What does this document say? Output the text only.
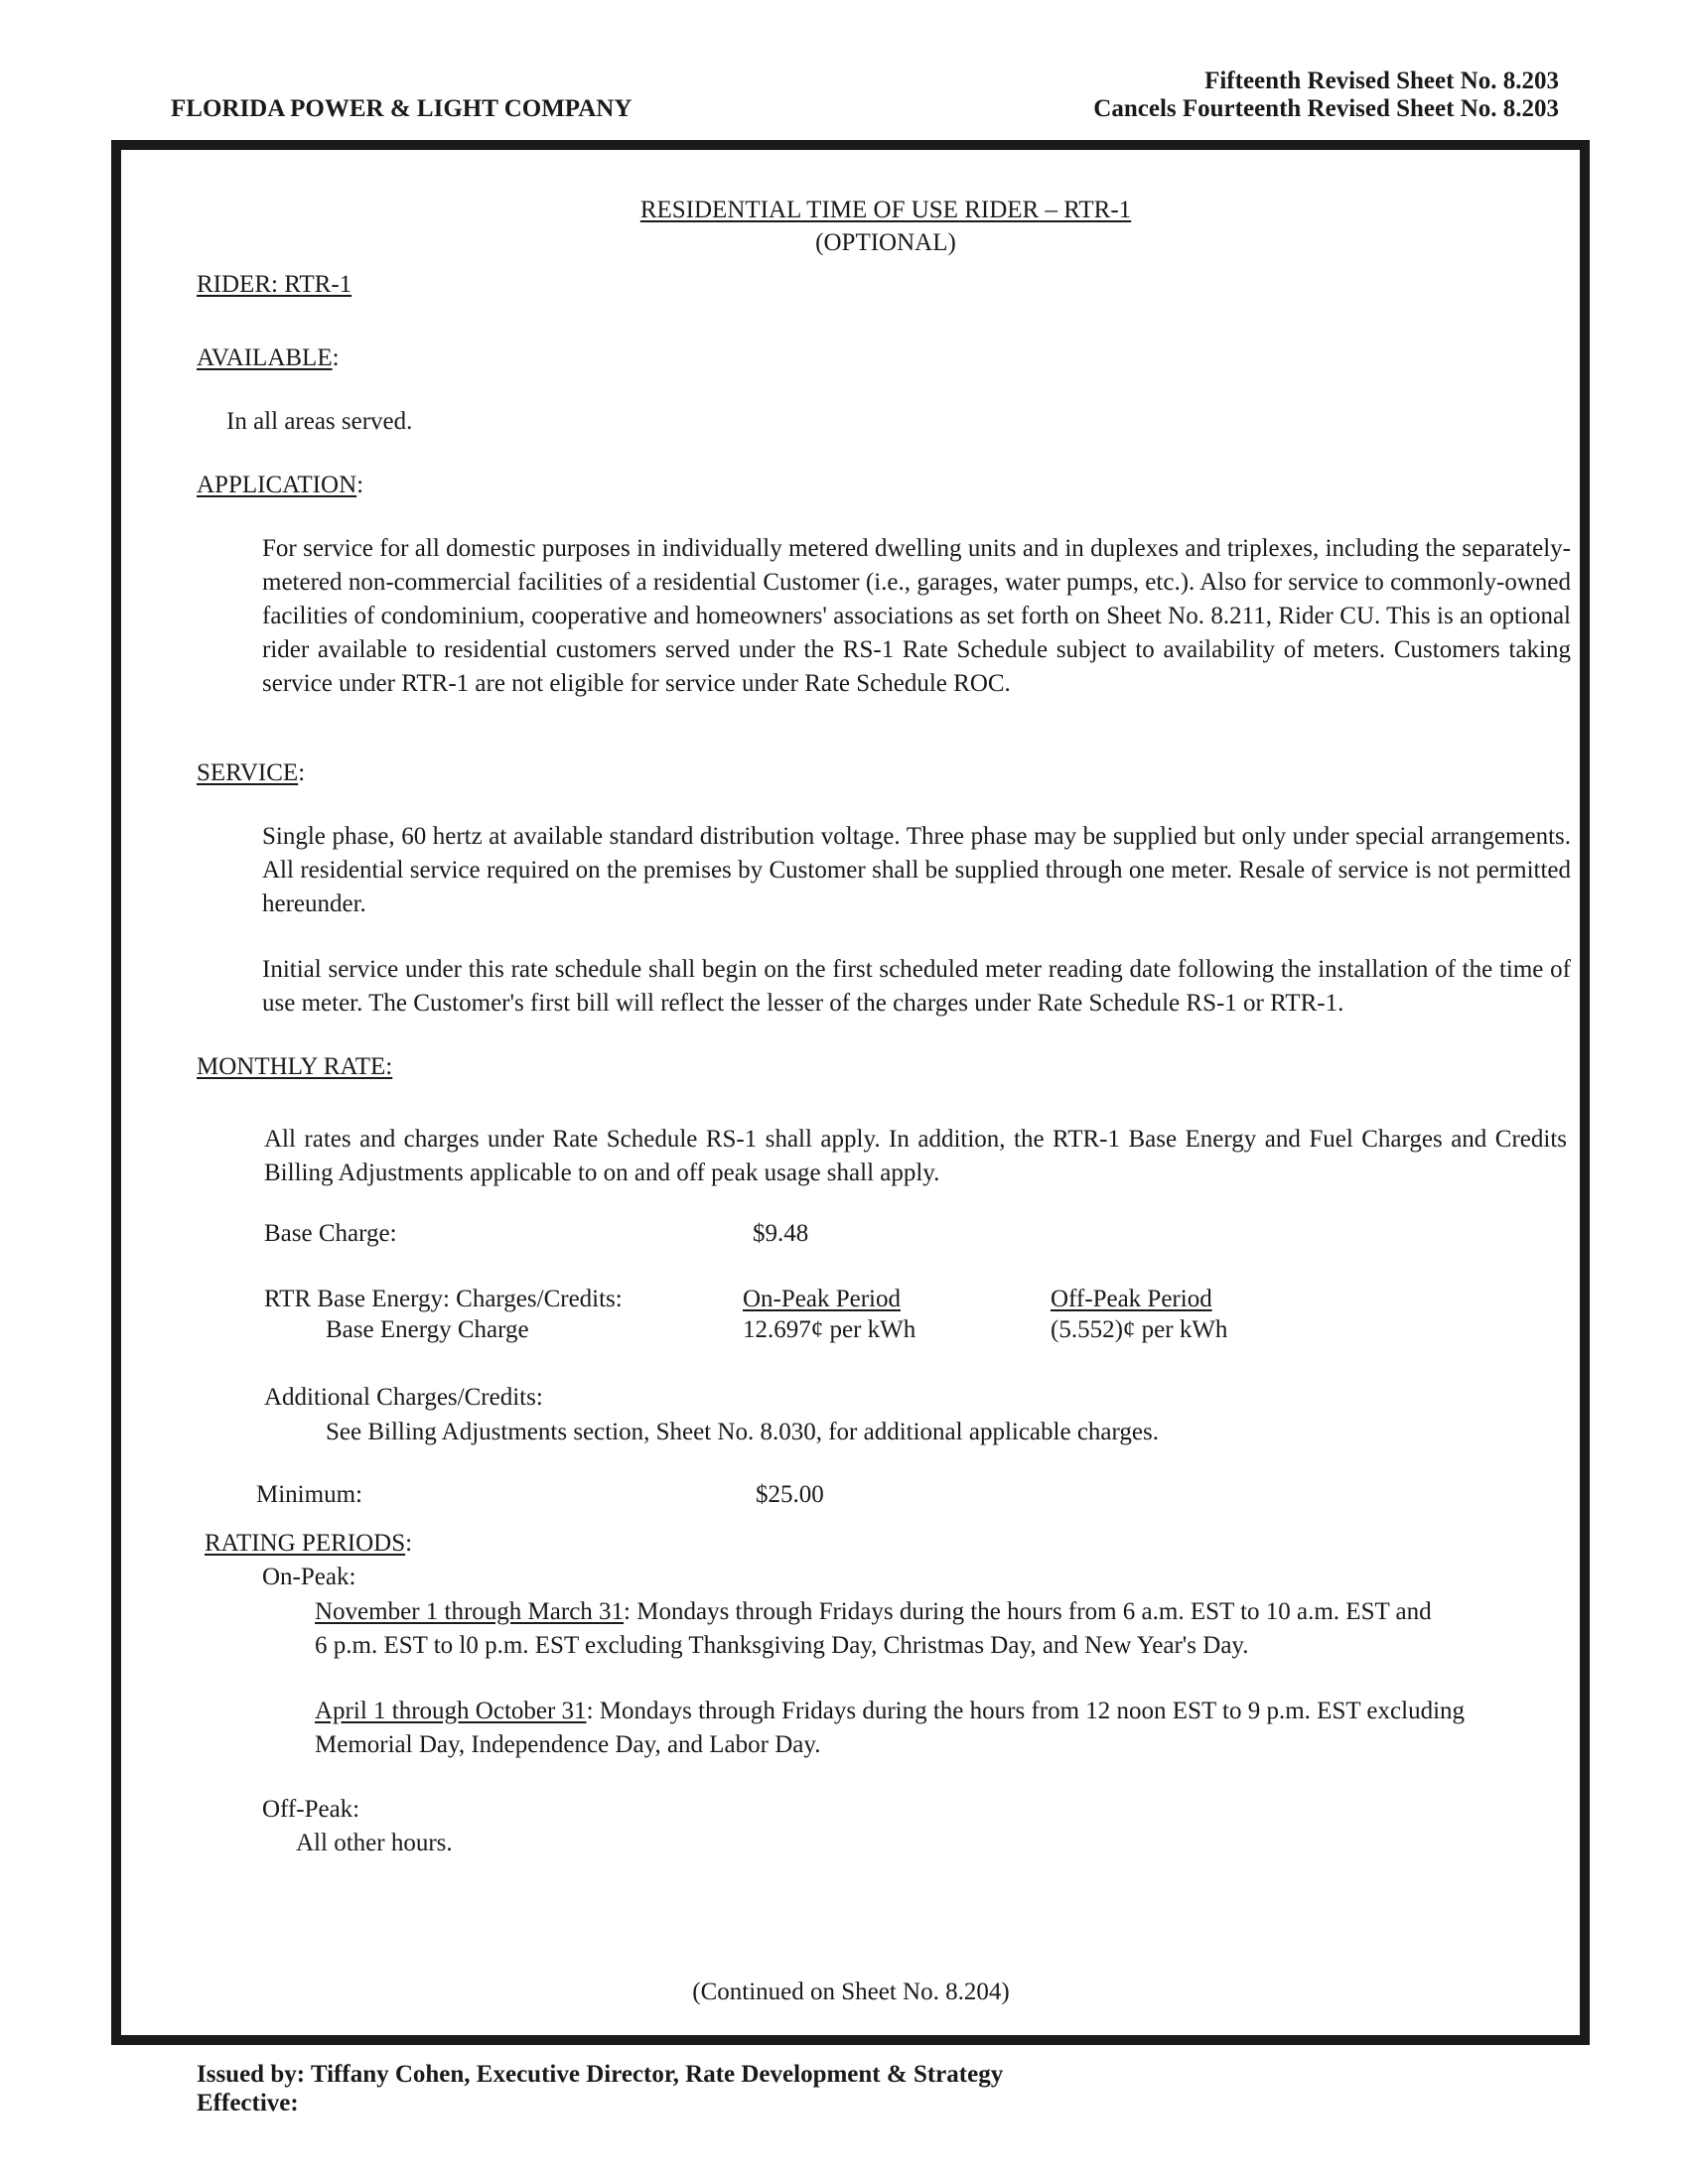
FLORIDA POWER & LIGHT COMPANY
Fifteenth Revised Sheet No. 8.203
Cancels Fourteenth Revised Sheet No. 8.203
RESIDENTIAL TIME OF USE RIDER – RTR-1
(OPTIONAL)
RIDER: RTR-1
AVAILABLE:
In all areas served.
APPLICATION:
For service for all domestic purposes in individually metered dwelling units and in duplexes and triplexes, including the separately-metered non-commercial facilities of a residential Customer (i.e., garages, water pumps, etc.). Also for service to commonly-owned facilities of condominium, cooperative and homeowners' associations as set forth on Sheet No. 8.211, Rider CU. This is an optional rider available to residential customers served under the RS-1 Rate Schedule subject to availability of meters. Customers taking service under RTR-1 are not eligible for service under Rate Schedule ROC.
SERVICE:
Single phase, 60 hertz at available standard distribution voltage. Three phase may be supplied but only under special arrangements. All residential service required on the premises by Customer shall be supplied through one meter. Resale of service is not permitted hereunder.
Initial service under this rate schedule shall begin on the first scheduled meter reading date following the installation of the time of use meter. The Customer's first bill will reflect the lesser of the charges under Rate Schedule RS-1 or RTR-1.
MONTHLY RATE:
All rates and charges under Rate Schedule RS-1 shall apply. In addition, the RTR-1 Base Energy and Fuel Charges and Credits Billing Adjustments applicable to on and off peak usage shall apply.
Base Charge:	$9.48
RTR Base Energy: Charges/Credits:	On-Peak Period	Off-Peak Period
Base Energy Charge	12.697¢ per kWh	(5.552)¢ per kWh
Additional Charges/Credits:
See Billing Adjustments section, Sheet No. 8.030, for additional applicable charges.
Minimum:	$25.00
RATING PERIODS:
On-Peak:
November 1 through March 31: Mondays through Fridays during the hours from 6 a.m. EST to 10 a.m. EST and
6 p.m. EST to l0 p.m. EST excluding Thanksgiving Day, Christmas Day, and New Year's Day.
April 1 through October 31: Mondays through Fridays during the hours from 12 noon EST to 9 p.m. EST excluding
Memorial Day, Independence Day, and Labor Day.
Off-Peak:
All other hours.
(Continued on Sheet No. 8.204)
Issued by: Tiffany Cohen, Executive Director, Rate Development & Strategy
Effective:
